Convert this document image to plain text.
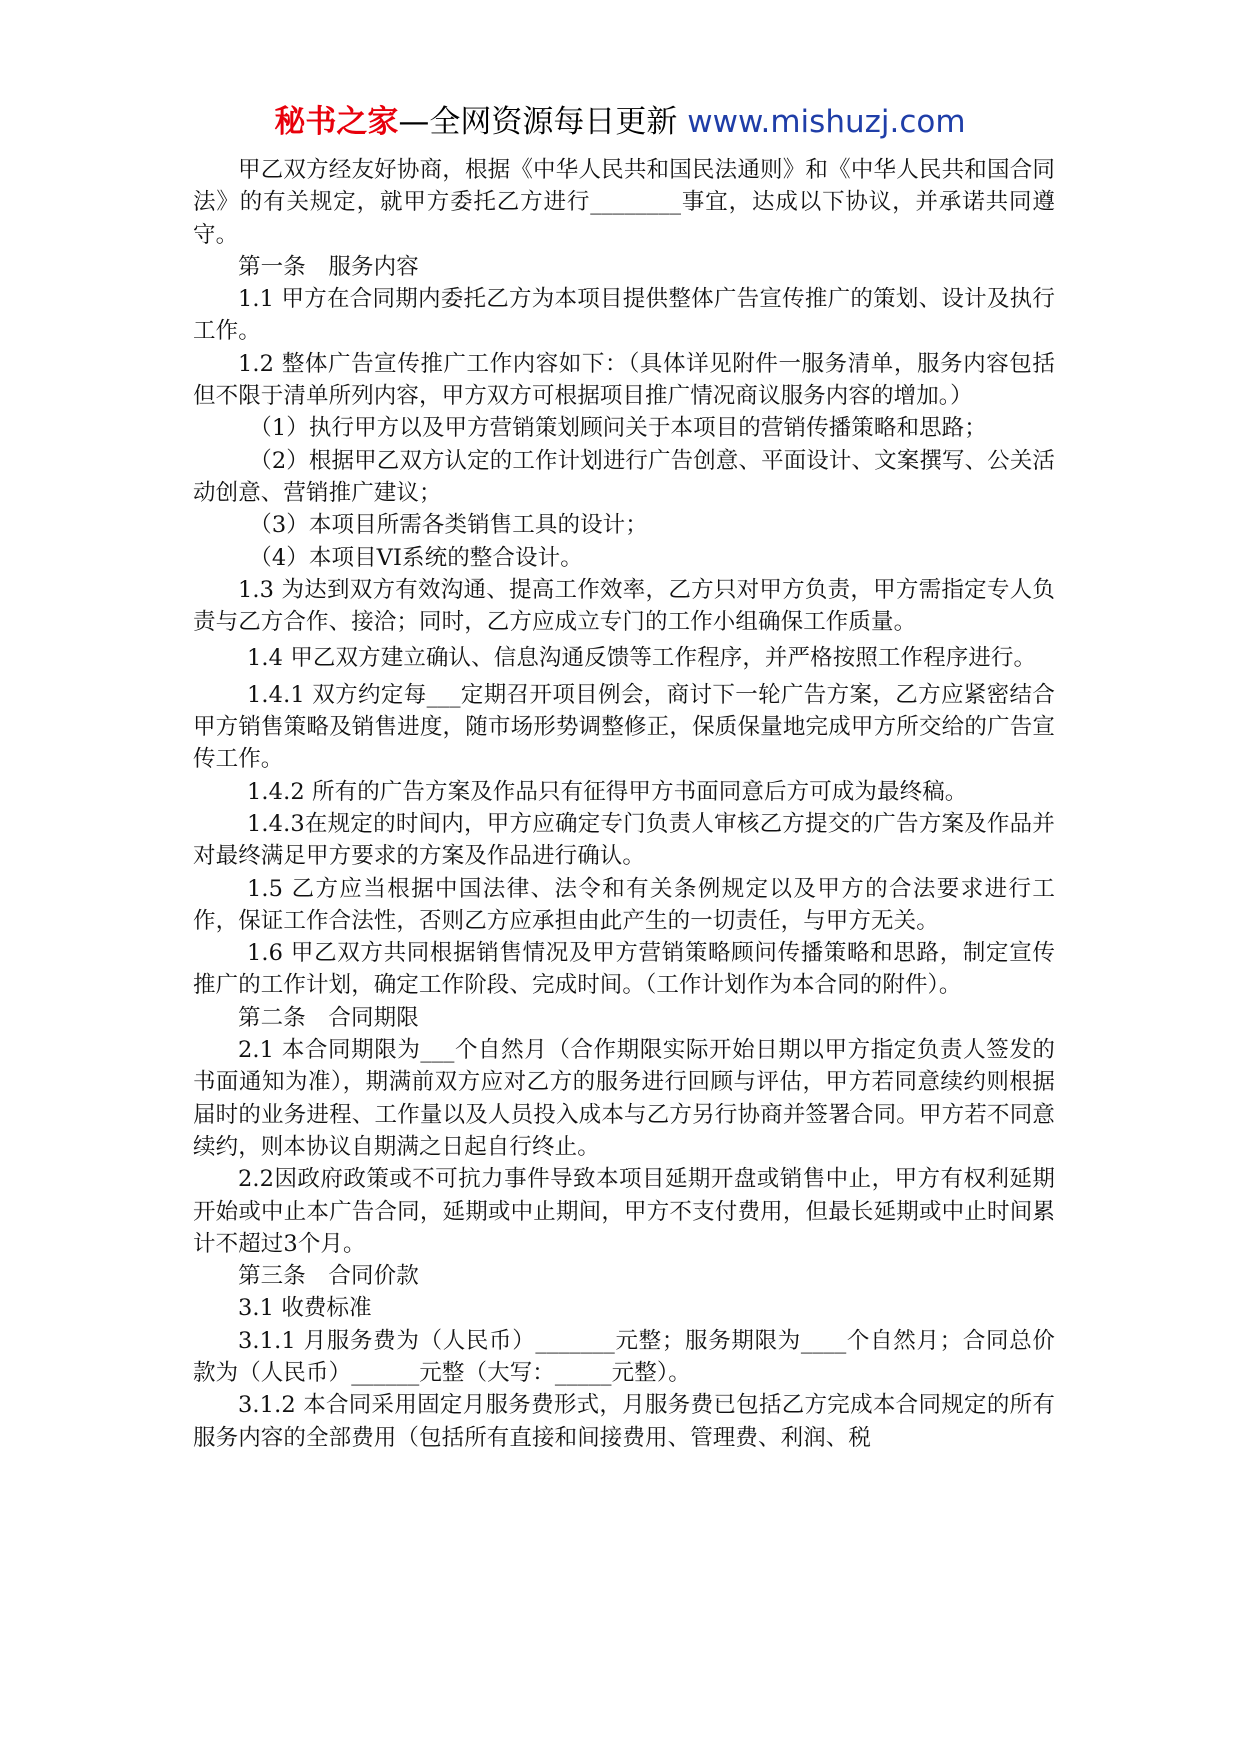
秘书之家—全网资源每日更新 www.mishuzj.com

甲乙双方经友好协商，根据《中华人民共和国民法通则》和《中华人民共和国合同法》的有关规定，就甲方委托乙方进行________事宜，达成以下协议，并承诺共同遵守。

第一条　服务内容

1.1 甲方在合同期内委托乙方为本项目提供整体广告宣传推广的策划、设计及执行工作。

1.2 整体广告宣传推广工作内容如下：（具体详见附件一服务清单，服务内容包括但不限于清单所列内容，甲方双方可根据项目推广情况商议服务内容的增加。）

（1）执行甲方以及甲方营销策划顾问关于本项目的营销传播策略和思路；

（2）根据甲乙双方认定的工作计划进行广告创意、平面设计、文案撰写、公关活动创意、营销推广建议；

（3）本项目所需各类销售工具的设计；

（4）本项目VI系统的整合设计。

1.3 为达到双方有效沟通、提高工作效率，乙方只对甲方负责，甲方需指定专人负责与乙方合作、接洽；同时，乙方应成立专门的工作小组确保工作质量。

1.4 甲乙双方建立确认、信息沟通反馈等工作程序，并严格按照工作程序进行。

1.4.1 双方约定每___定期召开项目例会，商讨下一轮广告方案，乙方应紧密结合甲方销售策略及销售进度，随市场形势调整修正，保质保量地完成甲方所交给的广告宣传工作。

1.4.2 所有的广告方案及作品只有征得甲方书面同意后方可成为最终稿。

1.4.3在规定的时间内，甲方应确定专门负责人审核乙方提交的广告方案及作品并对最终满足甲方要求的方案及作品进行确认。

1.5 乙方应当根据中国法律、法令和有关条例规定以及甲方的合法要求进行工作，保证工作合法性，否则乙方应承担由此产生的一切责任，与甲方无关。

1.6 甲乙双方共同根据销售情况及甲方营销策略顾问传播策略和思路，制定宣传推广的工作计划，确定工作阶段、完成时间。（工作计划作为本合同的附件）。

第二条　合同期限

2.1 本合同期限为___个自然月（合作期限实际开始日期以甲方指定负责人签发的书面通知为准），期满前双方应对乙方的服务进行回顾与评估，甲方若同意续约则根据届时的业务进程、工作量以及人员投入成本与乙方另行协商并签署合同。甲方若不同意续约，则本协议自期满之日起自行终止。

2.2因政府政策或不可抗力事件导致本项目延期开盘或销售中止，甲方有权利延期开始或中止本广告合同，延期或中止期间，甲方不支付费用，但最长延期或中止时间累计不超过3个月。

第三条　合同价款

3.1 收费标准

3.1.1 月服务费为（人民币）_______元整；服务期限为____个自然月；合同总价款为（人民币）______元整（大写：_____元整）。

3.1.2 本合同采用固定月服务费形式，月服务费已包括乙方完成本合同规定的所有服务内容的全部费用（包括所有直接和间接费用、管理费、利润、税
